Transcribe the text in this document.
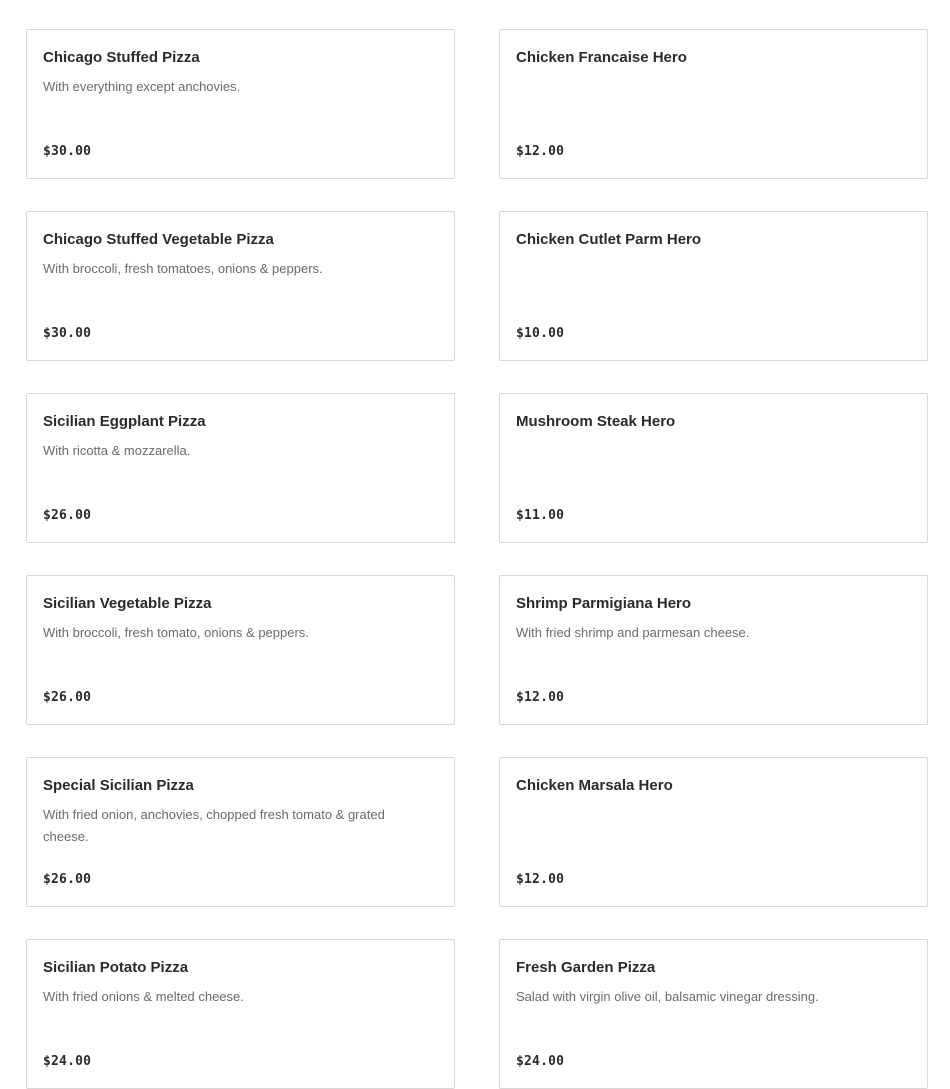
Chicago Stuffed Pizza
With everything except anchovies.
$30.00
Chicken Francaise Hero
$12.00
Chicago Stuffed Vegetable Pizza
With broccoli, fresh tomatoes, onions & peppers.
$30.00
Chicken Cutlet Parm Hero
$10.00
Sicilian Eggplant Pizza
With ricotta & mozzarella.
$26.00
Mushroom Steak Hero
$11.00
Sicilian Vegetable Pizza
With broccoli, fresh tomato, onions & peppers.
$26.00
Shrimp Parmigiana Hero
With fried shrimp and parmesan cheese.
$12.00
Special Sicilian Pizza
With fried onion, anchovies, chopped fresh tomato & grated cheese.
$26.00
Chicken Marsala Hero
$12.00
Sicilian Potato Pizza
With fried onions & melted cheese.
$24.00
Fresh Garden Pizza
Salad with virgin olive oil, balsamic vinegar dressing.
$24.00
